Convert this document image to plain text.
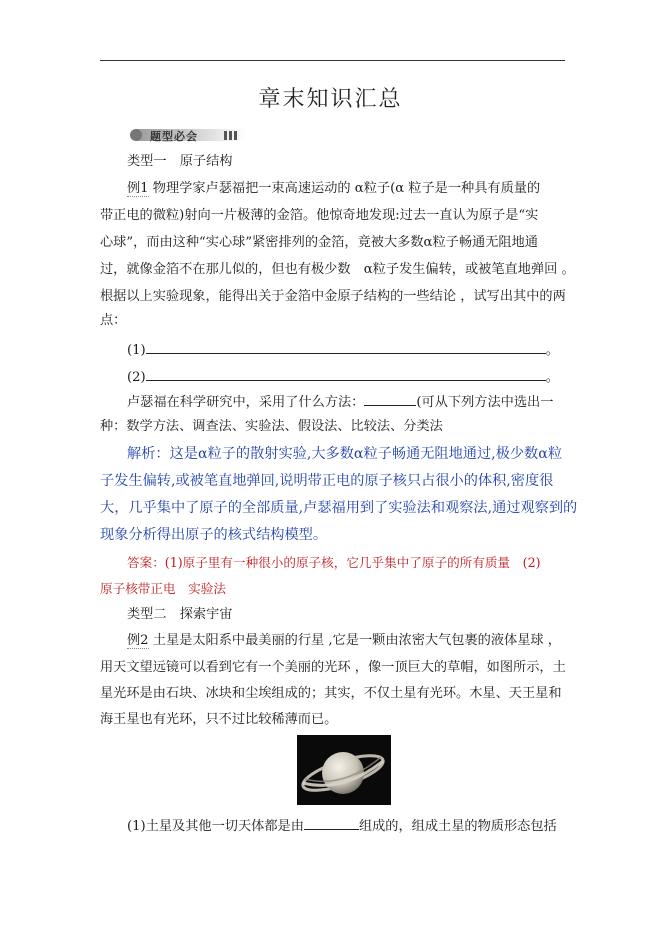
章末知识汇总
题型必会
类型一　原子结构
例1 物理学家卢瑟福把一束高速运动的 α粒子(α 粒子是一种具有质量的
带正电的微粒)射向一片极薄的金箔。他惊奇地发现:过去一直认为原子是“实
心球”，而由这种“实心球”紧密排列的金箔，竟被大多数α粒子畅通无阻地通
过，就像金箔不在那儿似的，但也有极少数　α粒子发生偏转，或被笔直地弹回 。
根据以上实验现象，能得出关于金箔中金原子结构的一些结论 ，试写出其中的两
点：
(1)	。
(2)	。
卢瑟福在科学研究中，采用了什么方法：	(可从下列方法中选出一
种：数学方法、调查法、实验法、假设法、比较法、分类法
解析：这是α粒子的散射实验,大多数α粒子畅通无阻地通过,极少数α粒
子发生偏转,或被笔直地弹回,说明带正电的原子核只占很小的体积,密度很
大，几乎集中了原子的全部质量,卢瑟福用到了实验法和观察法,通过观察到的
现象分析得出原子的核式结构模型。
答案：(1)原子里有一种很小的原子核，它几乎集中了原子的所有质量　(2)
原子核带正电　实验法
类型二　探索宇宙
例2 土星是太阳系中最美丽的行星 ,它是一颗由浓密大气包裹的液体星球 ，
用天文望远镜可以看到它有一个美丽的光环 ，像一顶巨大的草帽，如图所示，土
星光环是由石块、冰块和尘埃组成的；其实，不仅土星有光环。木星、天王星和
海王星也有光环，只不过比较稀薄而已。
(1)土星及其他一切天体都是由	组成的，组成土星的物质形态包括
